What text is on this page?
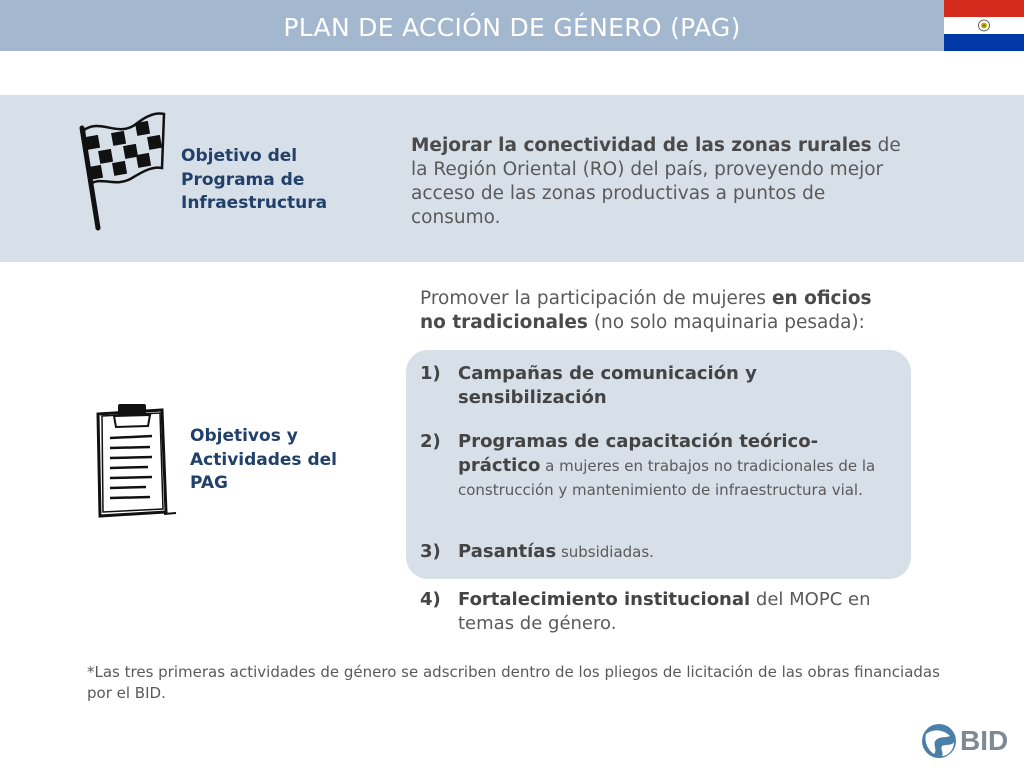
PLAN DE ACCIÓN DE GÉNERO (PAG)
Objetivo del Programa de Infraestructura
Mejorar la conectividad de las zonas rurales de la Región Oriental (RO) del país, proveyendo mejor acceso de las zonas productivas a puntos de consumo.
Promover la participación de mujeres en oficios no tradicionales (no solo maquinaria pesada):
Objetivos y Actividades del PAG
1) Campañas de comunicación y sensibilización
2) Programas de capacitación teórico-práctico a mujeres en trabajos no tradicionales de la construcción y mantenimiento de infraestructura vial.
3) Pasantías subsidiadas.
4) Fortalecimiento institucional del MOPC en temas de género.
*Las tres primeras actividades de género se adscriben dentro de los pliegos de licitación de las obras financiadas por el BID.
BID
